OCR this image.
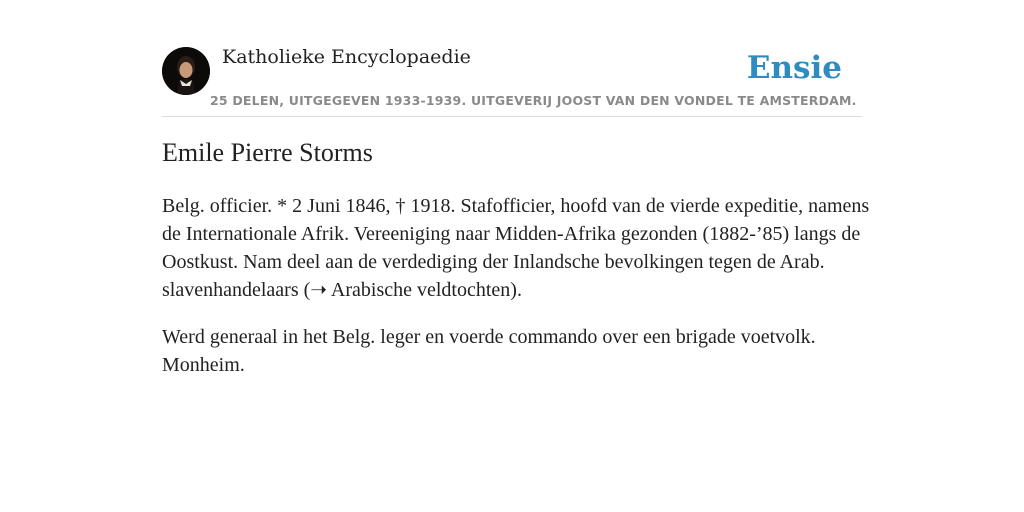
Katholieke Encyclopaedie
25 DELEN, UITGEGEVEN 1933-1939. UITGEVERIJ JOOST VAN DEN VONDEL TE AMSTERDAM.
Ensie
Emile Pierre Storms

Belg. officier. * 2 Juni 1846, † 1918. Stafofficier, hoofd van de vierde expeditie, namens de Internationale Afrik. Vereeniging naar Midden-Afrika gezonden (1882-’85) langs de Oostkust. Nam deel aan de verdediging der Inlandsche bevolkingen tegen de Arab. slavenhandelaars (➝ Arabische veldtochten).

Werd generaal in het Belg. leger en voerde commando over een brigade voetvolk. Monheim.
